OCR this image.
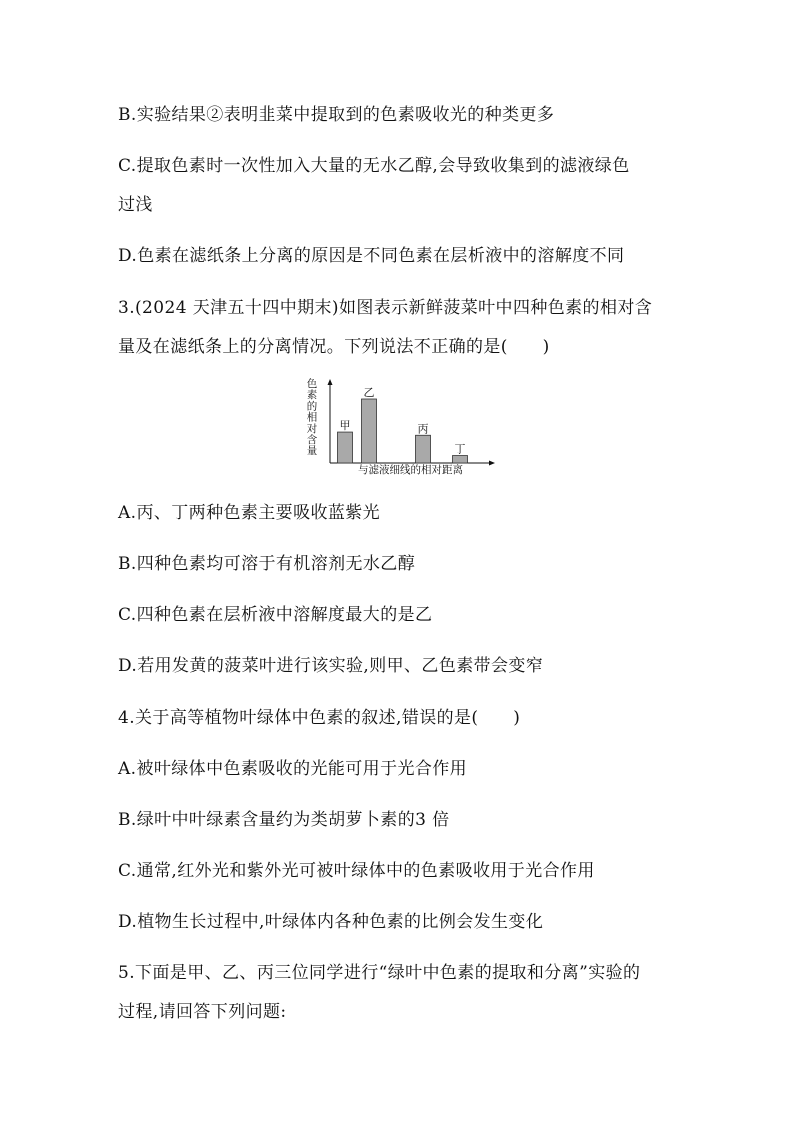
B.实验结果②表明韭菜中提取到的色素吸收光的种类更多
C.提取色素时一次性加入大量的无水乙醇,会导致收集到的滤液绿色
过浅
D.色素在滤纸条上分离的原因是不同色素在层析液中的溶解度不同
3.(2024 天津五十四中期末)如图表示新鲜菠菜叶中四种色素的相对含
量及在滤纸条上的分离情况。下列说法不正确的是(　　)
色
素
的
相
对
含
量
甲
乙
丙
丁
与滤液细线的相对距离
A.丙、丁两种色素主要吸收蓝紫光
B.四种色素均可溶于有机溶剂无水乙醇
C.四种色素在层析液中溶解度最大的是乙
D.若用发黄的菠菜叶进行该实验,则甲、乙色素带会变窄
4.关于高等植物叶绿体中色素的叙述,错误的是(　　)
A.被叶绿体中色素吸收的光能可用于光合作用
B.绿叶中叶绿素含量约为类胡萝卜素的3 倍
C.通常,红外光和紫外光可被叶绿体中的色素吸收用于光合作用
D.植物生长过程中,叶绿体内各种色素的比例会发生变化
5.下面是甲、乙、丙三位同学进行“绿叶中色素的提取和分离”实验的
过程,请回答下列问题:
